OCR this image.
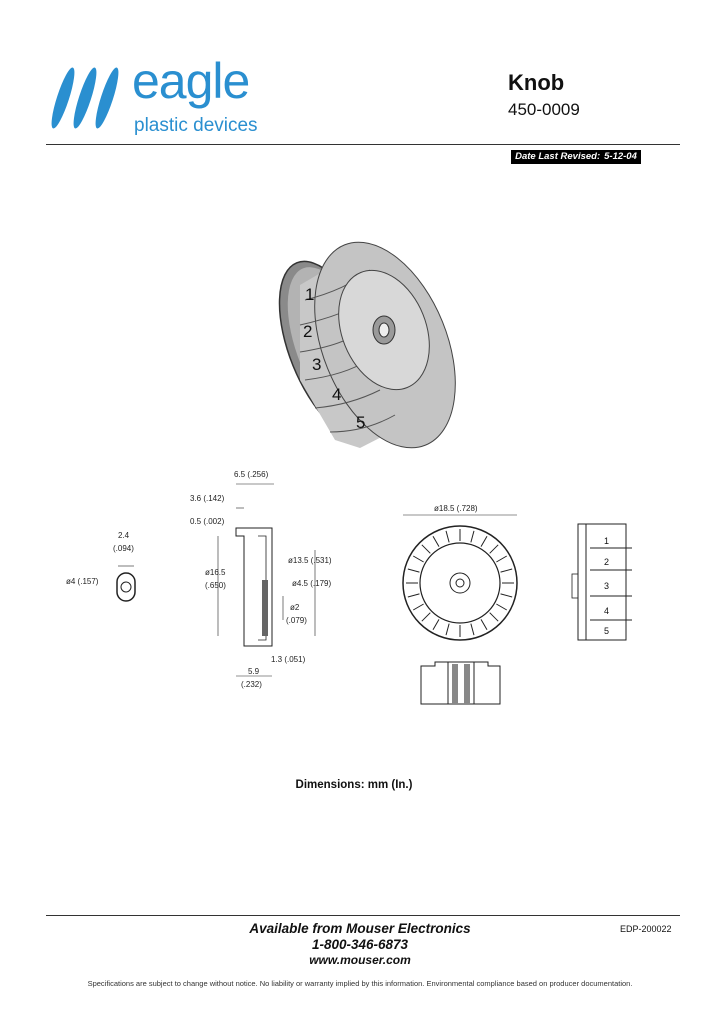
eagle
plastic devices
Knob
450-0009
Date Last Revised: 5-12-04
1
2
3
4
5
2.4
(.094)
ø4 (.157)
6.5 (.256)
3.6 (.142)
0.5 (.002)
ø16.5
(.650)
ø13.5 (.531)
ø4.5 (.179)
ø2
(.079)
1.3 (.051)
5.9
(.232)
ø18.5 (.728)
1
2
3
4
5
Dimensions: mm (In.)
Available from Mouser Electronics
1-800-346-6873
www.mouser.com
EDP-200022
Specifications are subject to change without notice. No liability or warranty implied by this information. Environmental compliance based on producer documentation.
